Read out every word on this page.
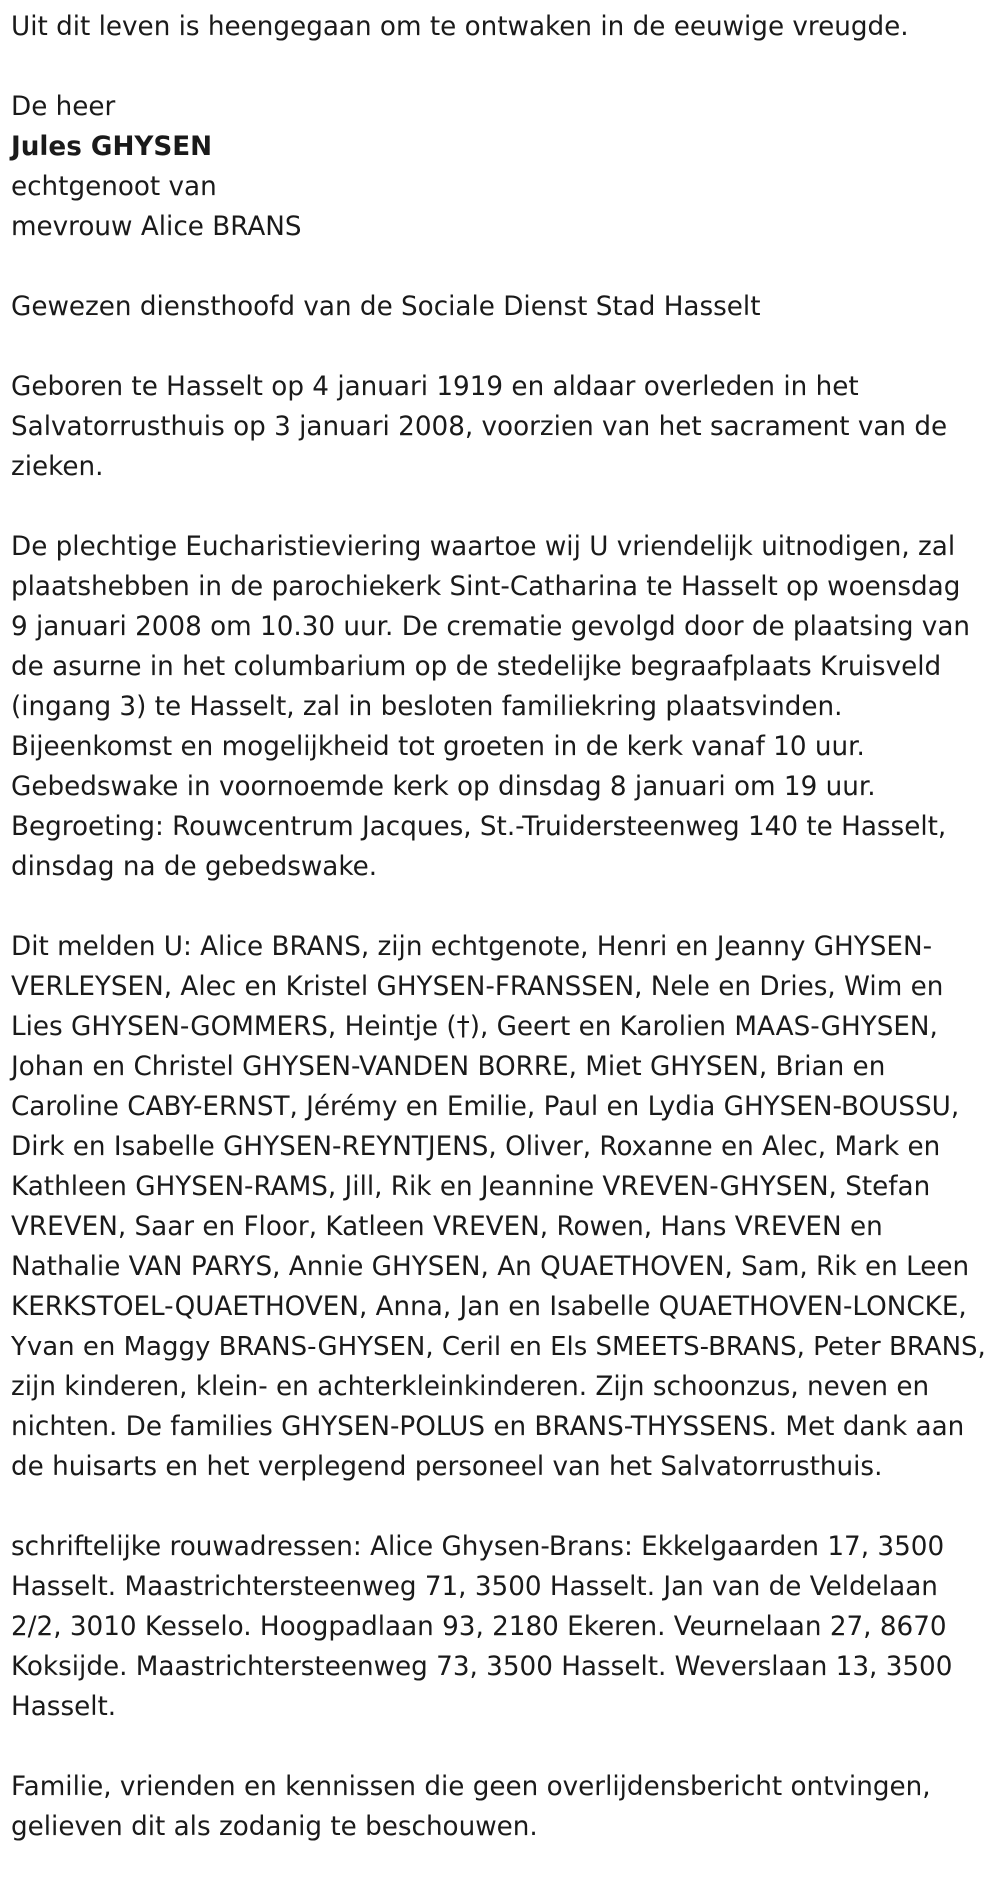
Uit dit leven is heengegaan om te ontwaken in de eeuwige vreugde.
De heer
Jules GHYSEN
echtgenoot van
mevrouw Alice BRANS
Gewezen diensthoofd van de Sociale Dienst Stad Hasselt
Geboren te Hasselt op 4 januari 1919 en aldaar overleden in het
Salvatorrusthuis op 3 januari 2008, voorzien van het sacrament van de
zieken.
De plechtige Eucharistieviering waartoe wij U vriendelijk uitnodigen, zal
plaatshebben in de parochiekerk Sint-Catharina te Hasselt op woensdag
9 januari 2008 om 10.30 uur. De crematie gevolgd door de plaatsing van
de asurne in het columbarium op de stedelijke begraafplaats Kruisveld
(ingang 3) te Hasselt, zal in besloten familiekring plaatsvinden.
Bijeenkomst en mogelijkheid tot groeten in de kerk vanaf 10 uur.
Gebedswake in voornoemde kerk op dinsdag 8 januari om 19 uur.
Begroeting: Rouwcentrum Jacques, St.-Truidersteenweg 140 te Hasselt,
dinsdag na de gebedswake.
Dit melden U: Alice BRANS, zijn echtgenote, Henri en Jeanny GHYSEN-
VERLEYSEN, Alec en Kristel GHYSEN-FRANSSEN, Nele en Dries, Wim en
Lies GHYSEN-GOMMERS, Heintje (†), Geert en Karolien MAAS-GHYSEN,
Johan en Christel GHYSEN-VANDEN BORRE, Miet GHYSEN, Brian en
Caroline CABY-ERNST, Jérémy en Emilie, Paul en Lydia GHYSEN-BOUSSU,
Dirk en Isabelle GHYSEN-REYNTJENS, Oliver, Roxanne en Alec, Mark en
Kathleen GHYSEN-RAMS, Jill, Rik en Jeannine VREVEN-GHYSEN, Stefan
VREVEN, Saar en Floor, Katleen VREVEN, Rowen, Hans VREVEN en
Nathalie VAN PARYS, Annie GHYSEN, An QUAETHOVEN, Sam, Rik en Leen
KERKSTOEL-QUAETHOVEN, Anna, Jan en Isabelle QUAETHOVEN-LONCKE,
Yvan en Maggy BRANS-GHYSEN, Ceril en Els SMEETS-BRANS, Peter BRANS,
zijn kinderen, klein- en achterkleinkinderen. Zijn schoonzus, neven en
nichten. De families GHYSEN-POLUS en BRANS-THYSSENS. Met dank aan
de huisarts en het verplegend personeel van het Salvatorrusthuis.
schriftelijke rouwadressen: Alice Ghysen-Brans: Ekkelgaarden 17, 3500
Hasselt. Maastrichtersteenweg 71, 3500 Hasselt. Jan van de Veldelaan
2/2, 3010 Kesselo. Hoogpadlaan 93, 2180 Ekeren. Veurnelaan 27, 8670
Koksijde. Maastrichtersteenweg 73, 3500 Hasselt. Weverslaan 13, 3500
Hasselt.
Familie, vrienden en kennissen die geen overlijdensbericht ontvingen,
gelieven dit als zodanig te beschouwen.
